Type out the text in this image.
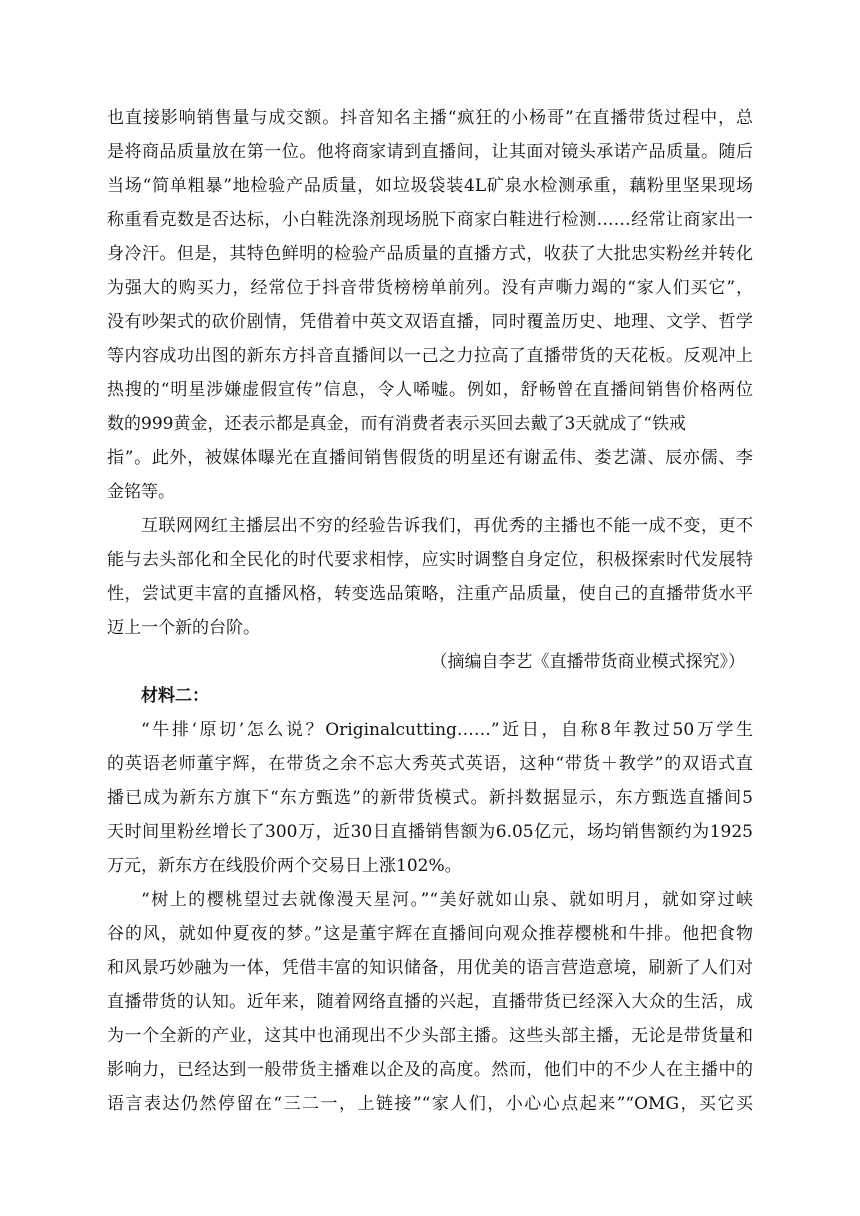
也直接影响销售量与成交额。抖音知名主播“疯狂的小杨哥”在直播带货过程中，总
是将商品质量放在第一位。他将商家请到直播间，让其面对镜头承诺产品质量。随后
当场“简单粗暴”地检验产品质量，如垃圾袋装4L矿泉水检测承重，藕粉里坚果现场
称重看克数是否达标，小白鞋洗涤剂现场脱下商家白鞋进行检测……经常让商家出一
身冷汗。但是，其特色鲜明的检验产品质量的直播方式，收获了大批忠实粉丝并转化
为强大的购买力，经常位于抖音带货榜榜单前列。没有声嘶力竭的“家人们买它”，
没有吵架式的砍价剧情，凭借着中英文双语直播，同时覆盖历史、地理、文学、哲学
等内容成功出图的新东方抖音直播间以一己之力拉高了直播带货的天花板。反观冲上
热搜的“明星涉嫌虚假宣传”信息，令人唏嘘。例如，舒畅曾在直播间销售价格两位
数的999黄金，还表示都是真金，而有消费者表示买回去戴了3天就成了“铁戒
指”。此外，被媒体曝光在直播间销售假货的明星还有谢孟伟、娄艺潇、辰亦儒、李
金铭等。
互联网网红主播层出不穷的经验告诉我们，再优秀的主播也不能一成不变，更不
能与去头部化和全民化的时代要求相悖，应实时调整自身定位，积极探索时代发展特
性，尝试更丰富的直播风格，转变选品策略，注重产品质量，使自己的直播带货水平
迈上一个新的台阶。
（摘编自李艺《直播带货商业模式探究》）
材料二：
“牛排‘原切’怎么说？Originalcutting……”近日，自称8年教过50万学生
的英语老师董宇辉，在带货之余不忘大秀英式英语，这种“带货＋教学”的双语式直
播已成为新东方旗下“东方甄选”的新带货模式。新抖数据显示，东方甄选直播间5
天时间里粉丝增长了300万，近30日直播销售额为6.05亿元，场均销售额约为1925
万元，新东方在线股价两个交易日上涨102%。
“树上的樱桃望过去就像漫天星河。”“美好就如山泉、就如明月，就如穿过峡
谷的风，就如仲夏夜的梦。”这是董宇辉在直播间向观众推荐樱桃和牛排。他把食物
和风景巧妙融为一体，凭借丰富的知识储备，用优美的语言营造意境，刷新了人们对
直播带货的认知。近年来，随着网络直播的兴起，直播带货已经深入大众的生活，成
为一个全新的产业，这其中也涌现出不少头部主播。这些头部主播，无论是带货量和
影响力，已经达到一般带货主播难以企及的高度。然而，他们中的不少人在主播中的
语言表达仍然停留在“三二一，上链接”“家人们，小心心点起来”“OMG，买它买
